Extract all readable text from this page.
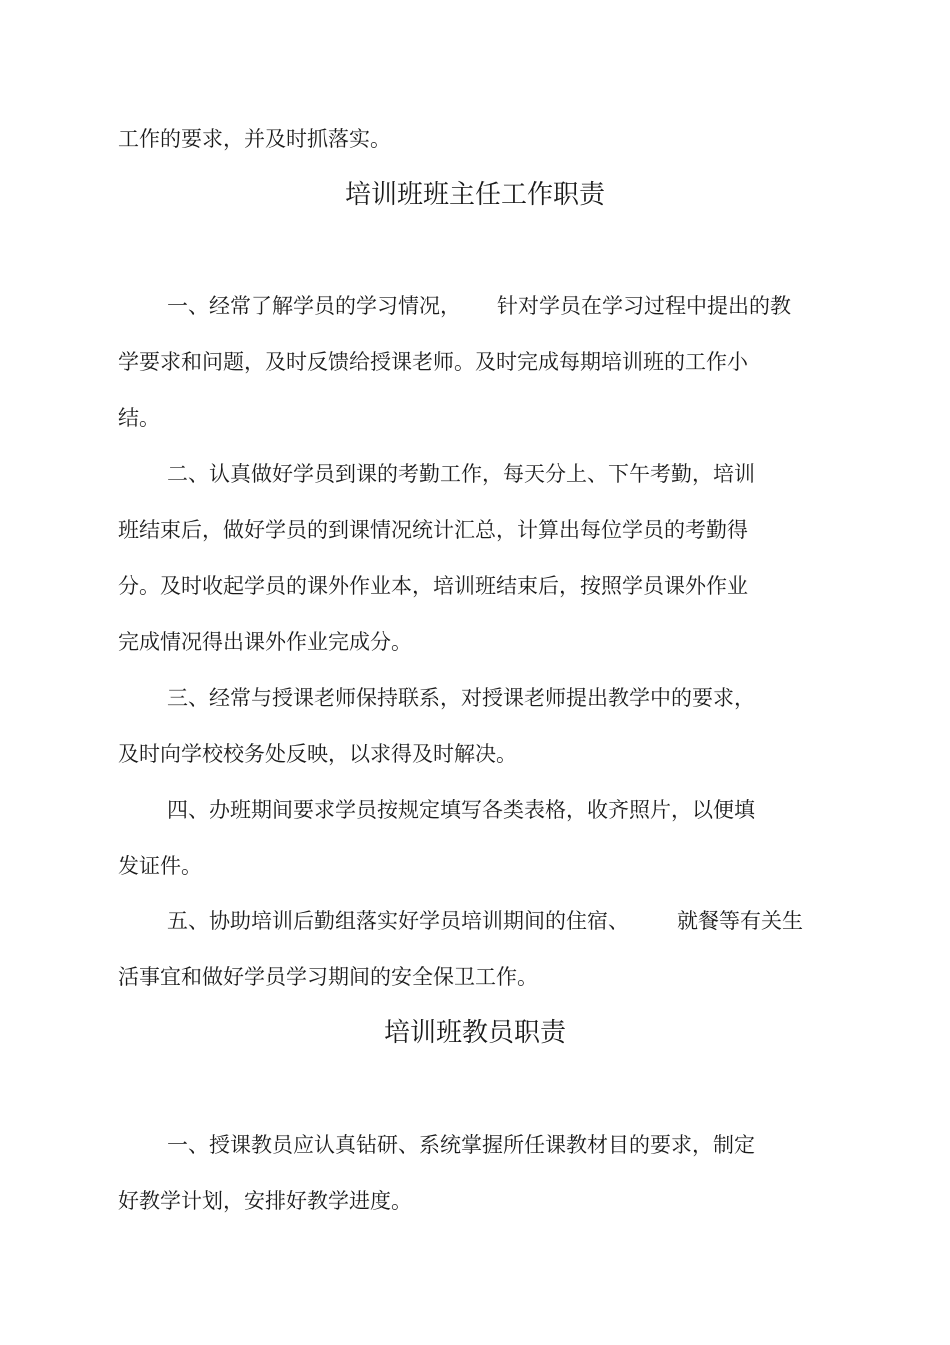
工作的要求，并及时抓落实。

培训班班主任工作职责

一、经常了解学员的学习情况， 针对学员在学习过程中提出的教

学要求和问题，及时反馈给授课老师。及时完成每期培训班的工作小

结。

二、认真做好学员到课的考勤工作，每天分上、下午考勤，培训

班结束后，做好学员的到课情况统计汇总，计算出每位学员的考勤得

分。及时收起学员的课外作业本，培训班结束后，按照学员课外作业

完成情况得出课外作业完成分。

三、经常与授课老师保持联系，对授课老师提出教学中的要求，

及时向学校校务处反映，以求得及时解决。

四、办班期间要求学员按规定填写各类表格，收齐照片，以便填

发证件。

五、协助培训后勤组落实好学员培训期间的住宿、 就餐等有关生

活事宜和做好学员学习期间的安全保卫工作。

培训班教员职责

一、授课教员应认真钻研、系统掌握所任课教材目的要求，制定

好教学计划，安排好教学进度。
